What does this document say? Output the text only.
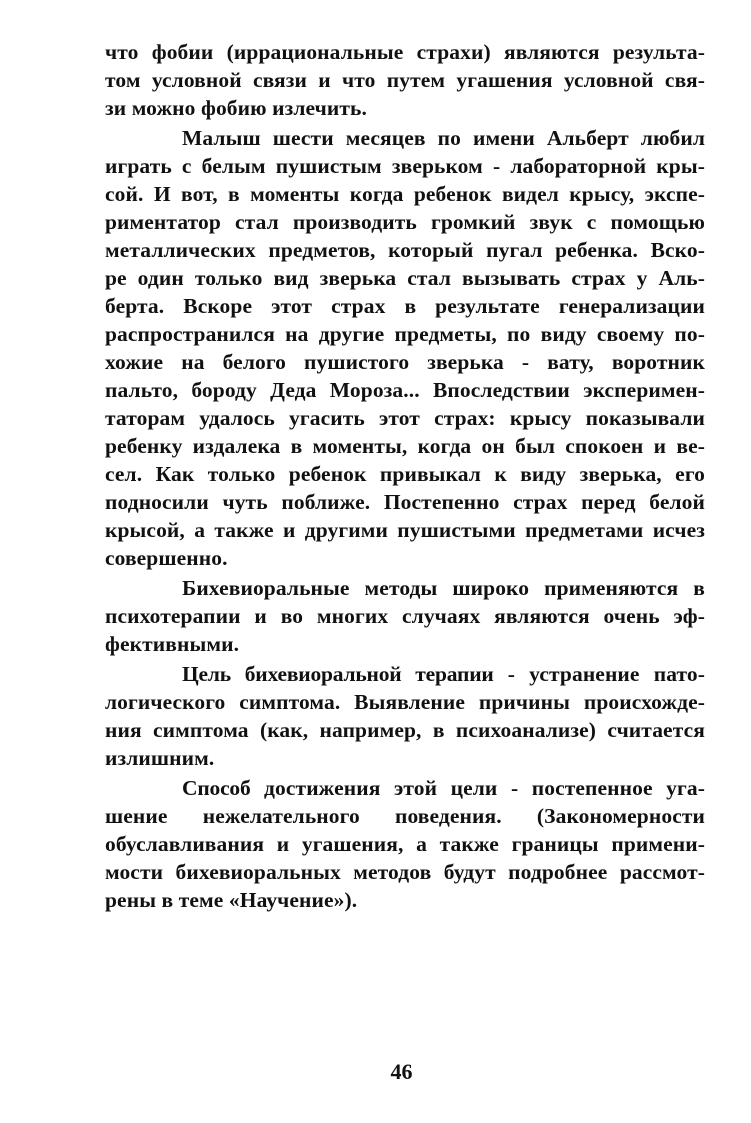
что фобии (иррациональные страхи) являются результа-
том условной связи и что путем угашения условной свя-
зи можно фобию излечить.
Малыш шести месяцев по имени Альберт любил
играть с белым пушистым зверьком - лабораторной кры-
сой. И вот, в моменты когда ребенок видел крысу, экспе-
риментатор стал производить громкий звук с помощью
металлических предметов, который пугал ребенка. Вско-
ре один только вид зверька стал вызывать страх у Аль-
берта. Вскоре этот страх в результате генерализации
распространился на другие предметы, по виду своему по-
хожие на белого пушистого зверька - вату, воротник
пальто, бороду Деда Мороза... Впоследствии эксперимен-
таторам удалось угасить этот страх: крысу показывали
ребенку издалека в моменты, когда он был спокоен и ве-
сел. Как только ребенок привыкал к виду зверька, его
подносили чуть поближе. Постепенно страх перед белой
крысой, а также и другими пушистыми предметами исчез
совершенно.
Бихевиоральные методы широко применяются в
психотерапии и во многих случаях являются очень эф-
фективными.
Цель бихевиоральной терапии - устранение пато-
логического симптома. Выявление причины происхожде-
ния симптома (как, например, в психоанализе) считается
излишним.
Способ достижения этой цели - постепенное уга-
шение нежелательного поведения. (Закономерности
обуславливания и угашения, а также границы примени-
мости бихевиоральных методов будут подробнее рассмот-
рены в теме «Научение»).
46
